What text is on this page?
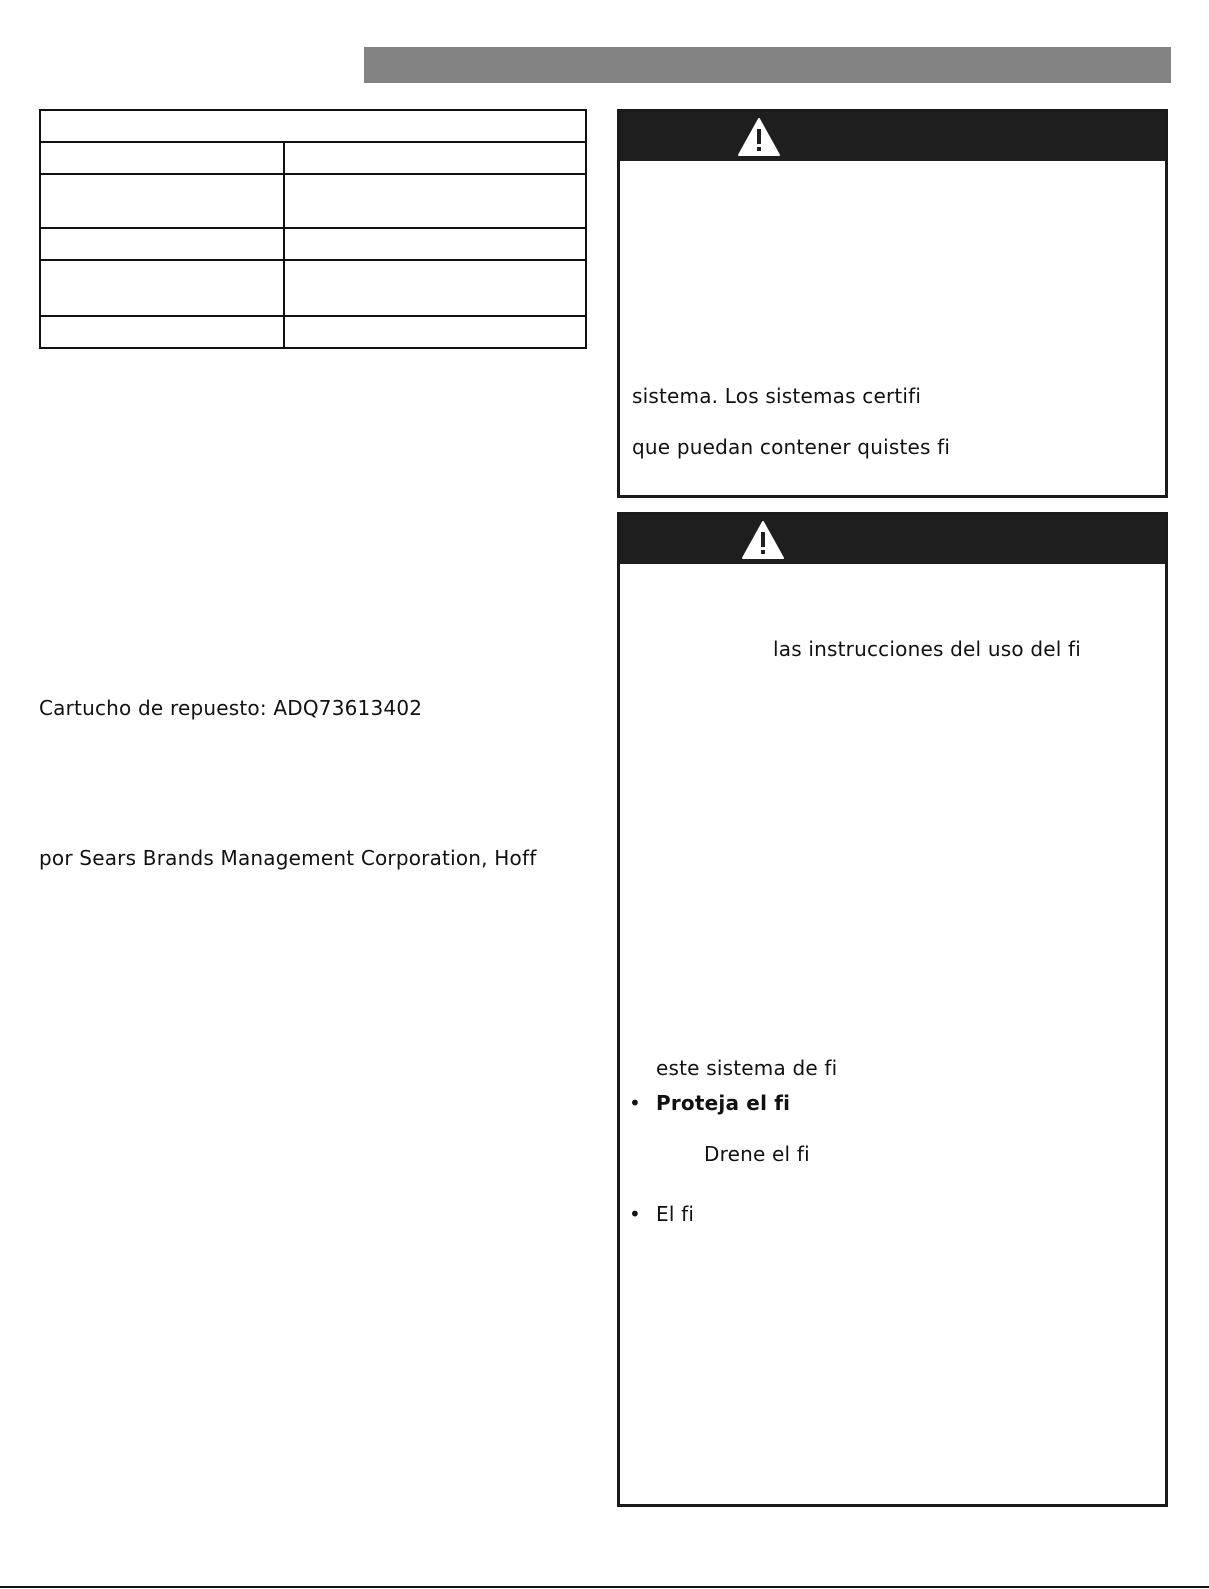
Cartucho de repuesto: ADQ73613402
por Sears Brands Management Corporation, Hoff
sistema. Los sistemas certifi
que puedan contener quistes fi
las instrucciones del uso del fi
este sistema de fi
• Proteja el fi
Drene el fi
• El fi
